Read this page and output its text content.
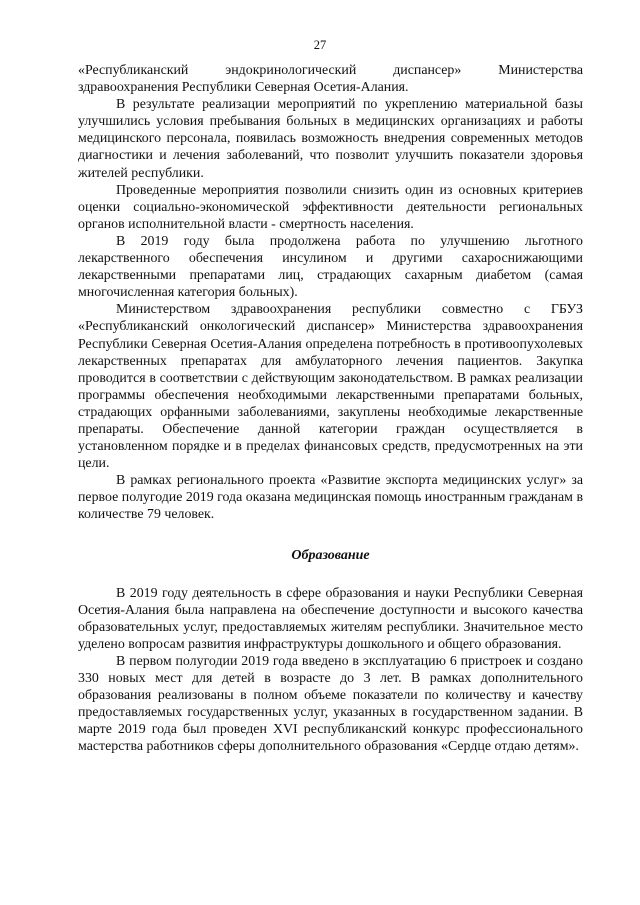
27

«Республиканский эндокринологический диспансер» Министерства здравоохранения Республики Северная Осетия-Алания.

В результате реализации мероприятий по укреплению материальной базы улучшились условия пребывания больных в медицинских организациях и работы медицинского персонала, появилась возможность внедрения современных методов диагностики и лечения заболеваний, что позволит улучшить показатели здоровья жителей республики.

Проведенные мероприятия позволили снизить один из основных критериев оценки социально-экономической эффективности деятельности региональных органов исполнительной власти - смертность населения.

В 2019 году была продолжена работа по улучшению льготного лекарственного обеспечения инсулином и другими сахароснижающими лекарственными препаратами лиц, страдающих сахарным диабетом (самая многочисленная категория больных).

Министерством здравоохранения республики совместно с ГБУЗ «Республиканский онкологический диспансер» Министерства здравоохранения Республики Северная Осетия-Алания определена потребность в противоопухолевых лекарственных препаратах для амбулаторного лечения пациентов. Закупка проводится в соответствии с действующим законодательством. В рамках реализации программы обеспечения необходимыми лекарственными препаратами больных, страдающих орфанными заболеваниями, закуплены необходимые лекарственные препараты. Обеспечение данной категории граждан осуществляется в установленном порядке и в пределах финансовых средств, предусмотренных на эти цели.

В рамках регионального проекта «Развитие экспорта медицинских услуг» за первое полугодие 2019 года оказана медицинская помощь иностранным гражданам в количестве 79 человек.

Образование

В 2019 году деятельность в сфере образования и науки Республики Северная Осетия-Алания была направлена на обеспечение доступности и высокого качества образовательных услуг, предоставляемых жителям республики. Значительное место уделено вопросам развития инфраструктуры дошкольного и общего образования.

В первом полугодии 2019 года введено в эксплуатацию 6 пристроек и создано 330 новых мест для детей в возрасте до 3 лет. В рамках дополнительного образования реализованы в полном объеме показатели по количеству и качеству предоставляемых государственных услуг, указанных в государственном задании. В марте 2019 года был проведен XVI республиканский конкурс профессионального мастерства работников сферы дополнительного образования «Сердце отдаю детям».
